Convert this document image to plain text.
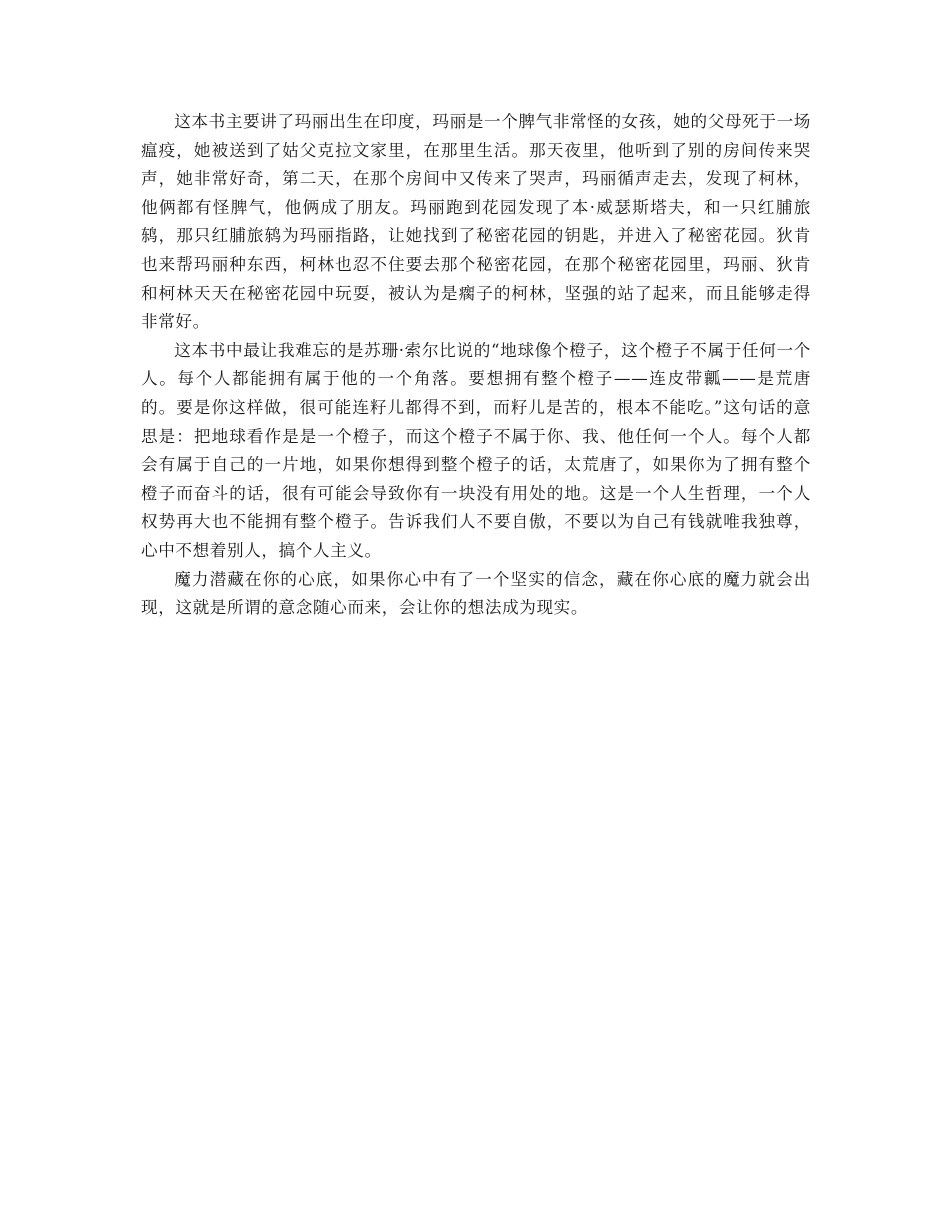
这本书主要讲了玛丽出生在印度，玛丽是一个脾气非常怪的女孩，她的父母死于一场瘟疫，她被送到了姑父克拉文家里，在那里生活。那天夜里，他听到了别的房间传来哭声，她非常好奇，第二天，在那个房间中又传来了哭声，玛丽循声走去，发现了柯林，他俩都有怪脾气，他俩成了朋友。玛丽跑到花园发现了本·威瑟斯塔夫，和一只红脯旅鸫，那只红脯旅鸫为玛丽指路，让她找到了秘密花园的钥匙，并进入了秘密花园。狄肯也来帮玛丽种东西，柯林也忍不住要去那个秘密花园，在那个秘密花园里，玛丽、狄肯和柯林天天在秘密花园中玩耍，被认为是瘸子的柯林，坚强的站了起来，而且能够走得非常好。

这本书中最让我难忘的是苏珊·索尔比说的“地球像个橙子，这个橙子不属于任何一个人。每个人都能拥有属于他的一个角落。要想拥有整个橙子——连皮带瓤——是荒唐的。要是你这样做，很可能连籽儿都得不到，而籽儿是苦的，根本不能吃。”这句话的意思是：把地球看作是是一个橙子，而这个橙子不属于你、我、他任何一个人。每个人都会有属于自己的一片地，如果你想得到整个橙子的话，太荒唐了，如果你为了拥有整个橙子而奋斗的话，很有可能会导致你有一块没有用处的地。这是一个人生哲理，一个人权势再大也不能拥有整个橙子。告诉我们人不要自傲，不要以为自己有钱就唯我独尊，心中不想着别人，搞个人主义。

魔力潜藏在你的心底，如果你心中有了一个坚实的信念，藏在你心底的魔力就会出现，这就是所谓的意念随心而来，会让你的想法成为现实。
